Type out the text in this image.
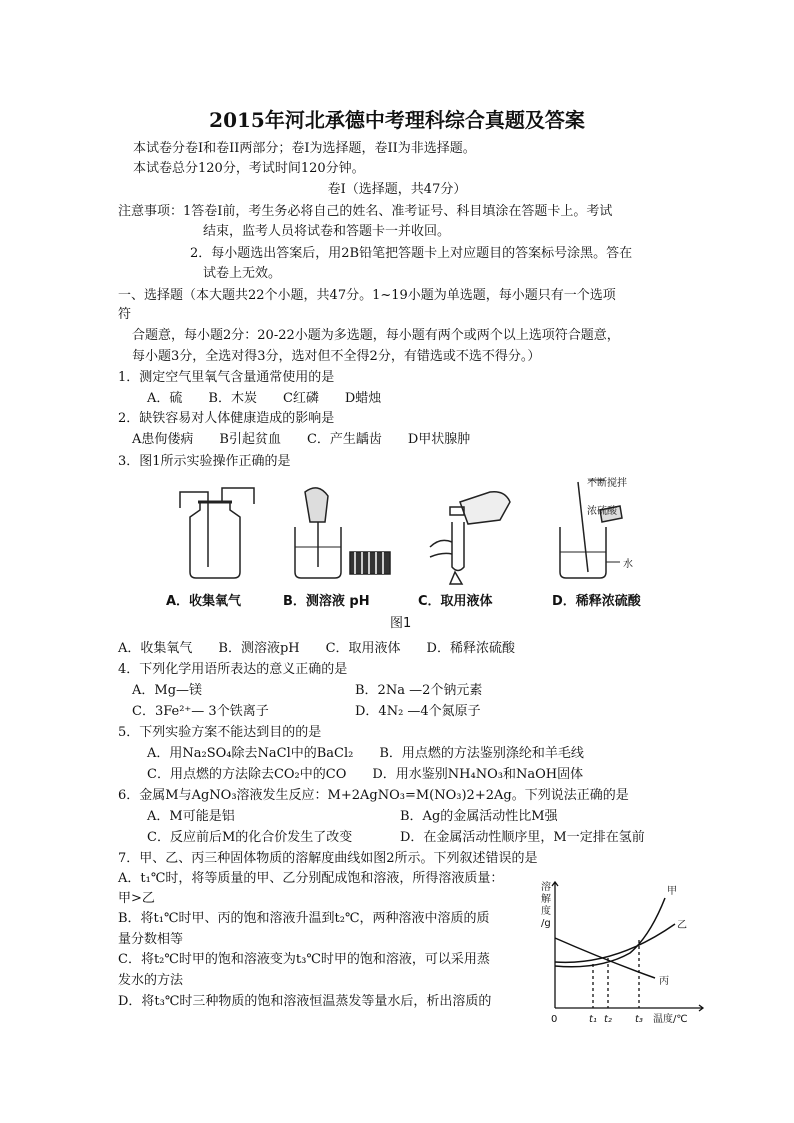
2015年河北承德中考理科综合真题及答案
本试卷分卷Ⅰ和卷II两部分；卷Ⅰ为选择题，卷II为非选择题。
本试卷总分120分，考试时间120分钟。
卷Ⅰ（选择题，共47分）
注意事项：1答卷Ⅰ前，考生务必将自己的姓名、准考证号、科目填涂在答题卡上。考试
结束，监考人员将试卷和答题卡一并收回。
2．每小题选出答案后，用2B铅笔把答题卡上对应题目的答案标号涂黑。答在
试卷上无效。
一、选择题（本大题共22个小题，共47分。1~19小题为单选题，每小题只有一个选项
符
合题意，每小题2分：20-22小题为多选题，每小题有两个或两个以上选项符合题意，
每小题3分，全选对得3分，选对但不全得2分，有错选或不选不得分。）
1．测定空气里氧气含量通常使用的是
A．硫　　B．木炭　　C红磷　　D蜡烛
2．缺铁容易对人体健康造成的影响是
A患佝偻病　　B引起贫血　　C．产生龋齿　　D甲状腺肿
3．图1所示实验操作正确的是
不断搅拌
浓硫酸
水
A．收集氧气	B．测溶液 pH	C．取用液体	D．稀释浓硫酸
图1
A．收集氧气　　B．测溶液pH　　C．取用液体　　D．稀释浓硫酸
4．下列化学用语所表达的意义正确的是
A．Mg—镁	B．2Na —2个钠元素
C．3Fe²⁺— 3个铁离子	D．4N₂ —4个氮原子
5．下列实验方案不能达到目的的是
A．用Na₂SO₄除去NaCl中的BaCl₂　　B．用点燃的方法鉴别涤纶和羊毛线
C．用点燃的方法除去CO₂中的CO　　D．用水鉴别NH₄NO₃和NaOH固体
6．金属M与AgNO₃溶液发生反应：M+2AgNO₃=M(NO₃)2+2Ag。下列说法正确的是
A．M可能是铝	B．Ag的金属活动性比M强
C．反应前后M的化合价发生了改变	D．在金属活动性顺序里，M一定排在氢前
7．甲、乙、丙三种固体物质的溶解度曲线如图2所示。下列叙述错误的是
A．t₁℃时，将等质量的甲、乙分别配成饱和溶液，所得溶液质量：
甲>乙
B．将t₁℃时甲、丙的饱和溶液升温到t₂℃，两种溶液中溶质的质
量分数相等
C．将t₂℃时甲的饱和溶液变为t₃℃时甲的饱和溶液，可以采用蒸
发水的方法
D．将t₃℃时三种物质的饱和溶液恒温蒸发等量水后，析出溶质的
溶
解
度
/g
0	t₁ t₂ t₃ 温度/℃
甲
乙
丙
